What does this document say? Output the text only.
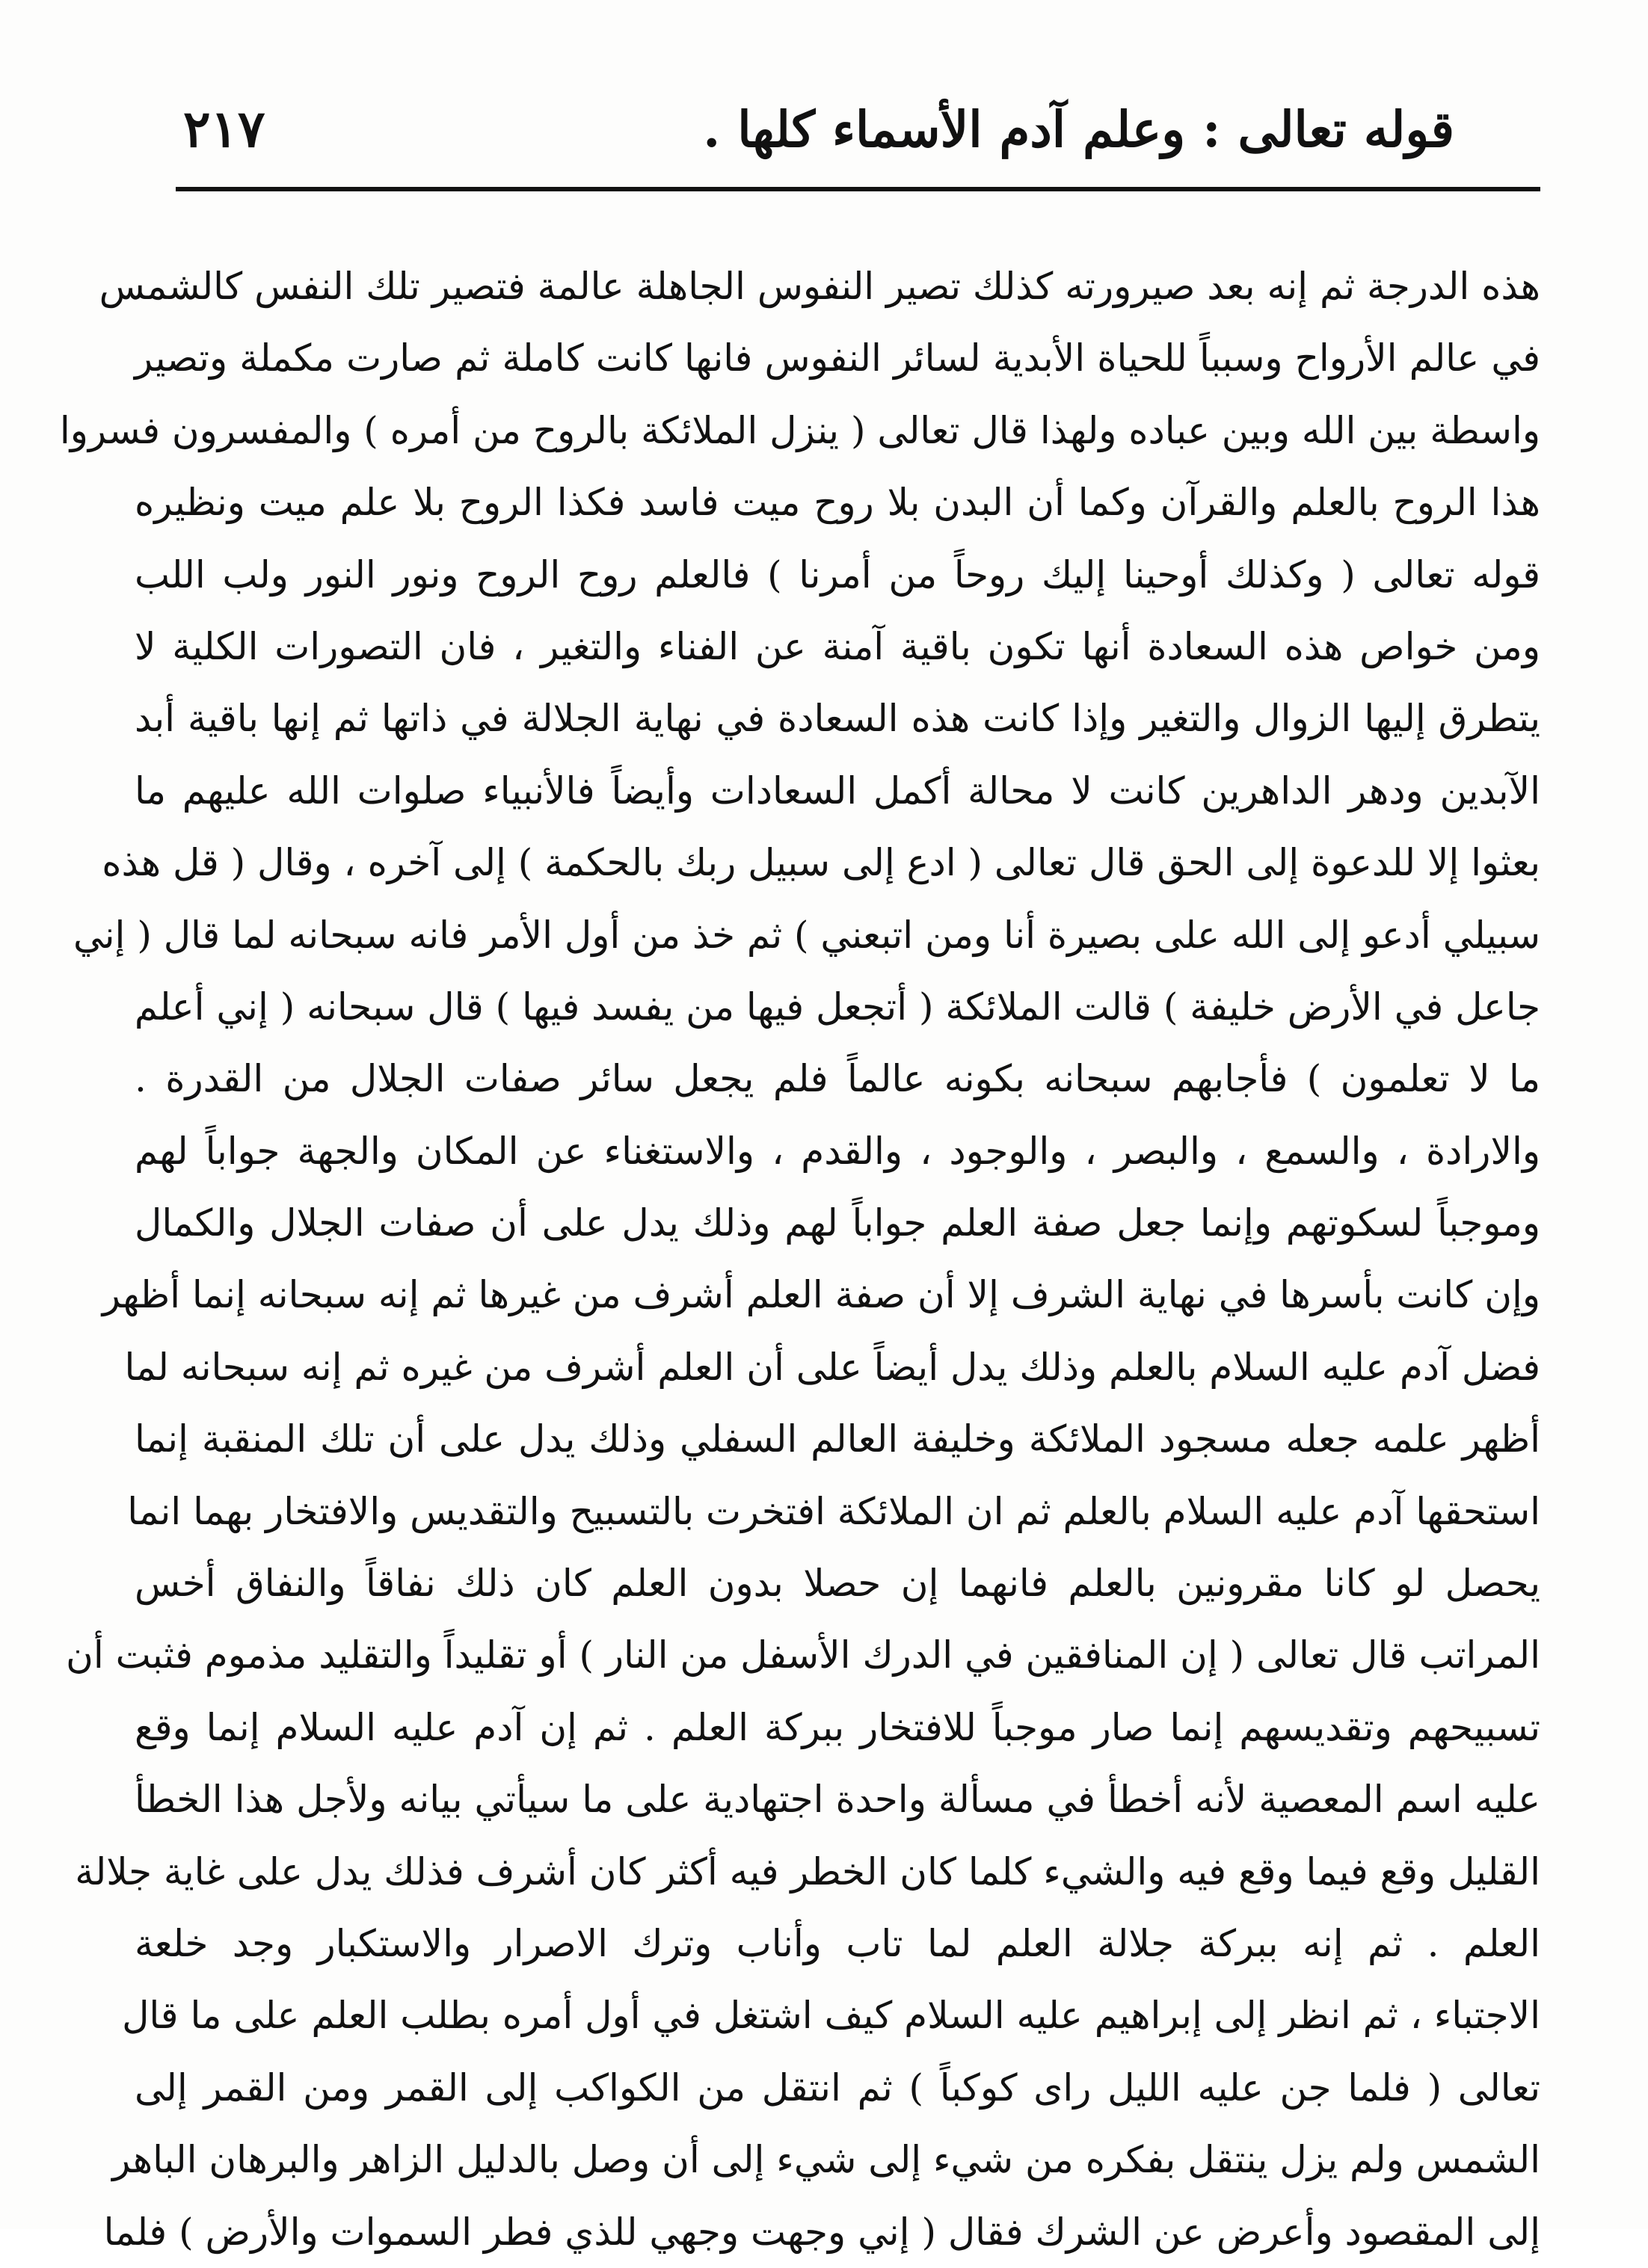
قوله تعالى : وعلم آدم الأسماء كلها .
٢١٧
هذه الدرجة ثم إنه بعد صيرورته كذلك تصير النفوس الجاهلة عالمة فتصير تلك النفس كالشمس
في عالم الأرواح وسبباً للحياة الأبدية لسائر النفوس فانها كانت كاملة ثم صارت مكملة وتصير
واسطة بين الله وبين عباده ولهذا قال تعالى ( ينزل الملائكة بالروح من أمره ) والمفسرون فسروا
هذا الروح بالعلم والقرآن وكما أن البدن بلا روح ميت فاسد فكذا الروح بلا علم ميت ونظيره
قوله تعالى ( وكذلك أوحينا إليك روحاً من أمرنا ) فالعلم روح الروح ونور النور ولب اللب
ومن خواص هذه السعادة أنها تكون باقية آمنة عن الفناء والتغير ، فان التصورات الكلية لا
يتطرق إليها الزوال والتغير وإذا كانت هذه السعادة في نهاية الجلالة في ذاتها ثم إنها باقية أبد
الآبدين ودهر الداهرين كانت لا محالة أكمل السعادات وأيضاً فالأنبياء صلوات الله عليهم ما
بعثوا إلا للدعوة إلى الحق قال تعالى ( ادع إلى سبيل ربك بالحكمة ) إلى آخره ، وقال ( قل هذه
سبيلي أدعو إلى الله على بصيرة أنا ومن اتبعني ) ثم خذ من أول الأمر فانه سبحانه لما قال ( إني
جاعل في الأرض خليفة ) قالت الملائكة ( أتجعل فيها من يفسد فيها ) قال سبحانه ( إني أعلم
ما لا تعلمون ) فأجابهم سبحانه بكونه عالماً فلم يجعل سائر صفات الجلال من القدرة .
والارادة ، والسمع ، والبصر ، والوجود ، والقدم ، والاستغناء عن المكان والجهة جواباً لهم
وموجباً لسكوتهم وإنما جعل صفة العلم جواباً لهم وذلك يدل على أن صفات الجلال والكمال
وإن كانت بأسرها في نهاية الشرف إلا أن صفة العلم أشرف من غيرها ثم إنه سبحانه إنما أظهر
فضل آدم عليه السلام بالعلم وذلك يدل أيضاً على أن العلم أشرف من غيره ثم إنه سبحانه لما
أظهر علمه جعله مسجود الملائكة وخليفة العالم السفلي وذلك يدل على أن تلك المنقبة إنما
استحقها آدم عليه السلام بالعلم ثم ان الملائكة افتخرت بالتسبيح والتقديس والافتخار بهما انما
يحصل لو كانا مقرونين بالعلم فانهما إن حصلا بدون العلم كان ذلك نفاقاً والنفاق أخس
المراتب قال تعالى ( إن المنافقين في الدرك الأسفل من النار ) أو تقليداً والتقليد مذموم فثبت أن
تسبيحهم وتقديسهم إنما صار موجباً للافتخار ببركة العلم . ثم إن آدم عليه السلام إنما وقع
عليه اسم المعصية لأنه أخطأ في مسألة واحدة اجتهادية على ما سيأتي بيانه ولأجل هذا الخطأ
القليل وقع فيما وقع فيه والشيء كلما كان الخطر فيه أكثر كان أشرف فذلك يدل على غاية جلالة
العلم . ثم إنه ببركة جلالة العلم لما تاب وأناب وترك الاصرار والاستكبار وجد خلعة
الاجتباء ، ثم انظر إلى إبراهيم عليه السلام كيف اشتغل في أول أمره بطلب العلم على ما قال
تعالى ( فلما جن عليه الليل راى كوكباً ) ثم انتقل من الكواكب إلى القمر ومن القمر إلى
الشمس ولم يزل ينتقل بفكره من شيء إلى شيء إلى أن وصل بالدليل الزاهر والبرهان الباهر
إلى المقصود وأعرض عن الشرك فقال ( إني وجهت وجهي للذي فطر السموات والأرض ) فلما
